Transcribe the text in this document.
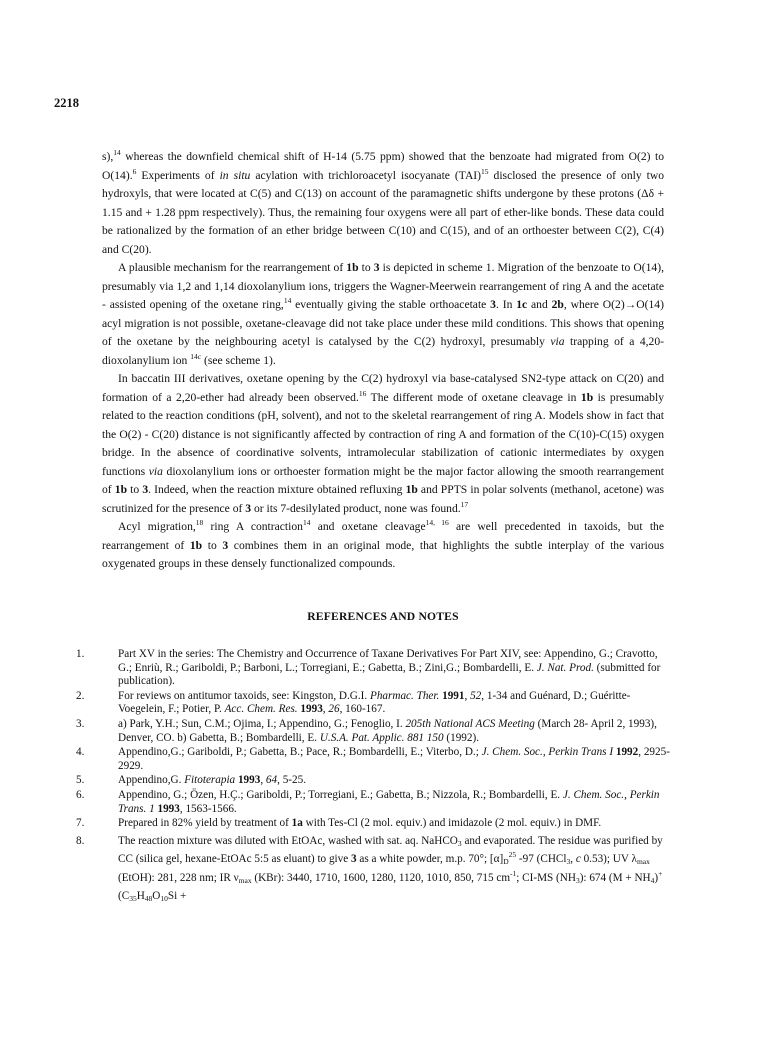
2218

s),$^{14}$ whereas the downfield chemical shift of H-14 (5.75 ppm) showed that the benzoate had migrated from O(2) to O(14).$^6$ Experiments of in situ acylation with trichloroacetyl isocyanate (TAI)$^{15}$ disclosed the presence of only two hydroxyls, that were located at C(5) and C(13) on account of the paramagnetic shifts undergone by these protons (Δδ + 1.15 and + 1.28 ppm respectively). Thus, the remaining four oxygens were all part of ether-like bonds. These data could be rationalized by the formation of an ether bridge between C(10) and C(15), and of an orthoester between C(2), C(4) and C(20).

A plausible mechanism for the rearrangement of 1b to 3 is depicted in scheme 1. Migration of the benzoate to O(14), presumably via 1,2 and 1,14 dioxolanylium ions, triggers the Wagner-Meerwein rearrangement of ring A and the acetate - assisted opening of the oxetane ring,$^{14}$ eventually giving the stable orthoacetate 3. In 1c and 2b, where O(2)→O(14) acyl migration is not possible, oxetane-cleavage did not take place under these mild conditions. This shows that opening of the oxetane by the neighbouring acetyl is catalysed by the C(2) hydroxyl, presumably via trapping of a 4,20-dioxolanylium ion $^{14c}$ (see scheme 1).

In baccatin III derivatives, oxetane opening by the C(2) hydroxyl via base-catalysed SN2-type attack on C(20) and formation of a 2,20-ether had already been observed.$^{16}$ The different mode of oxetane cleavage in 1b is presumably related to the reaction conditions (pH, solvent), and not to the skeletal rearrangement of ring A. Models show in fact that the O(2) - C(20) distance is not significantly affected by contraction of ring A and formation of the C(10)-C(15) oxygen bridge. In the absence of coordinative solvents, intramolecular stabilization of cationic intermediates by oxygen functions via dioxolanylium ions or orthoester formation might be the major factor allowing the smooth rearrangement of 1b to 3. Indeed, when the reaction mixture obtained refluxing 1b and PPTS in polar solvents (methanol, acetone) was scrutinized for the presence of 3 or its 7-desilylated product, none was found.$^{17}$

Acyl migration,$^{18}$ ring A contraction$^{14}$ and oxetane cleavage$^{14, 16}$ are well precedented in taxoids, but the rearrangement of 1b to 3 combines them in an original mode, that highlights the subtle interplay of the various oxygenated groups in these densely functionalized compounds.

REFERENCES AND NOTES
1.	Part XV in the series: The Chemistry and Occurrence of Taxane Derivatives For Part XIV, see: Appendino, G.; Cravotto, G.; Enriù, R.; Gariboldi, P.; Barboni, L.; Torregiani, E.; Gabetta, B.; Zini,G.; Bombardelli, E. J. Nat. Prod. (submitted for publication).
2.	For reviews on antitumor taxoids, see: Kingston, D.G.I. Pharmac. Ther. 1991, 52, 1-34 and Guénard, D.; Guéritte-Voegelein, F.; Potier, P. Acc. Chem. Res. 1993, 26, 160-167.
3.	a) Park, Y.H.; Sun, C.M.; Ojima, I.; Appendino, G.; Fenoglio, I. 205th National ACS Meeting (March 28- April 2, 1993), Denver, CO. b) Gabetta, B.; Bombardelli, E. U.S.A. Pat. Applic. 881 150 (1992).
4.	Appendino,G.; Gariboldi, P.; Gabetta, B.; Pace, R.; Bombardelli, E.; Viterbo, D.; J. Chem. Soc., Perkin Trans I 1992, 2925-2929.
5.	Appendino,G. Fitoterapia 1993, 64, 5-25.
6.	Appendino, G.; Özen, H.Ç.; Gariboldi, P.; Torregiani, E.; Gabetta, B.; Nizzola, R.; Bombardelli, E. J. Chem. Soc., Perkin Trans. 1 1993, 1563-1566.
7.	Prepared in 82% yield by treatment of 1a with Tes-Cl (2 mol. equiv.) and imidazole (2 mol. equiv.) in DMF.
8.	The reaction mixture was diluted with EtOAc, washed with sat. aq. NaHCO$_3$ and evaporated. The residue was purified by CC (silica gel, hexane-EtOAc 5:5 as eluant) to give 3 as a white powder, m.p. 70°; $[\alpha]_D^{25}$ -97 (CHCl$_3$, c 0.53); UV $\lambda_{max}$ (EtOH): 281, 228 nm; IR $\nu_{max}$ (KBr): 3440, 1710, 1600, 1280, 1120, 1010, 850, 715 $cm^{-1}$; CI-MS $(NH_3)$: 674 $(M + NH_4)^+$ ($C_{35}H_{48}O_{10}Si$ +
